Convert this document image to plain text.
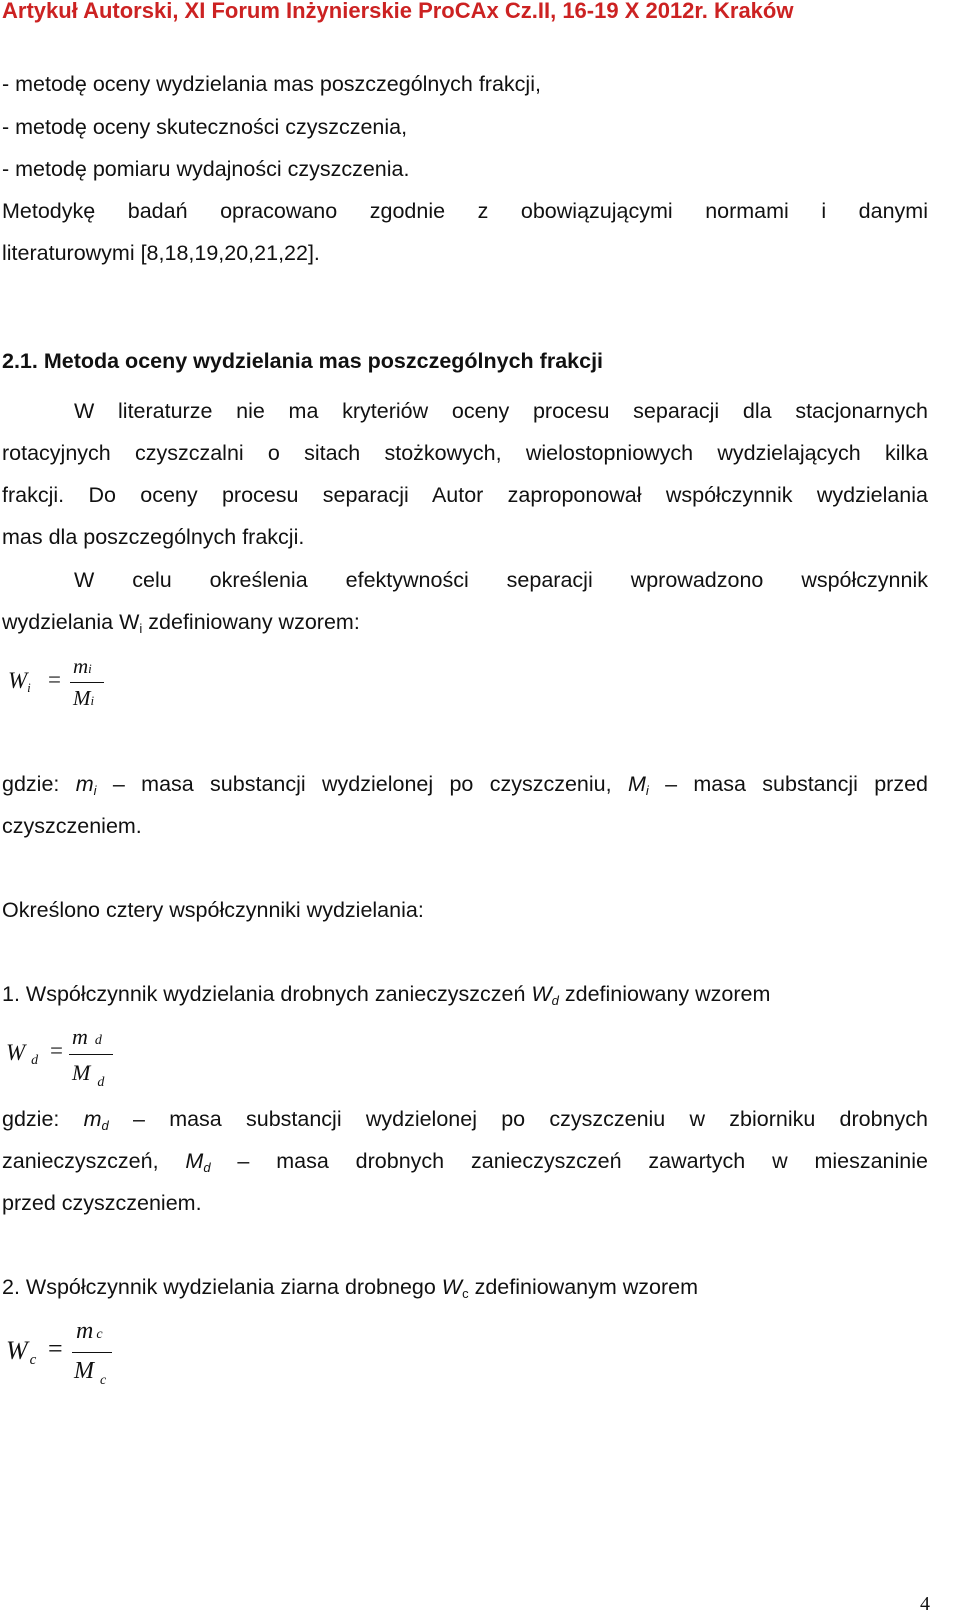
Artykuł Autorski, XI Forum Inżynierskie ProCAx Cz.II, 16-19 X 2012r. Kraków
- metodę oceny wydzielania mas poszczególnych frakcji,
- metodę oceny skuteczności czyszczenia,
- metodę pomiaru wydajności czyszczenia.
Metodykę badań opracowano zgodnie z obowiązującymi normami i danymi
literaturowymi [8,18,19,20,21,22].
2.1. Metoda oceny wydzielania mas poszczególnych frakcji
W literaturze nie ma kryteriów oceny procesu separacji dla stacjonarnych
rotacyjnych czyszczalni o sitach stożkowych, wielostopniowych wydzielających kilka
frakcji. Do oceny procesu separacji Autor zaproponował współczynnik wydzielania
mas dla poszczególnych frakcji.
W celu określenia efektywności separacji wprowadzono współczynnik
wydzielania $W_i$ zdefiniowany wzorem:
$W_i$ =
mi
Mi
gdzie: $m_i$ – masa substancji wydzielonej po czyszczeniu, $M_i$ – masa substancji przed
czyszczeniem.
Określono cztery współczynniki wydzielania:
1. Współczynnik wydzielania drobnych zanieczyszczeń $W_d$ zdefiniowany wzorem
Wd =
md
M $_d$
gdzie: $m_d$ – masa substancji wydzielonej po czyszczeniu w zbiorniku drobnych
zanieczyszczeń, $M_d$ – masa drobnych zanieczyszczeń zawartych w mieszaninie
przed czyszczeniem.
2. Współczynnik wydzielania ziarna drobnego $W_c$ zdefiniowanym wzorem
Wc =
mc
M $_c$
4
